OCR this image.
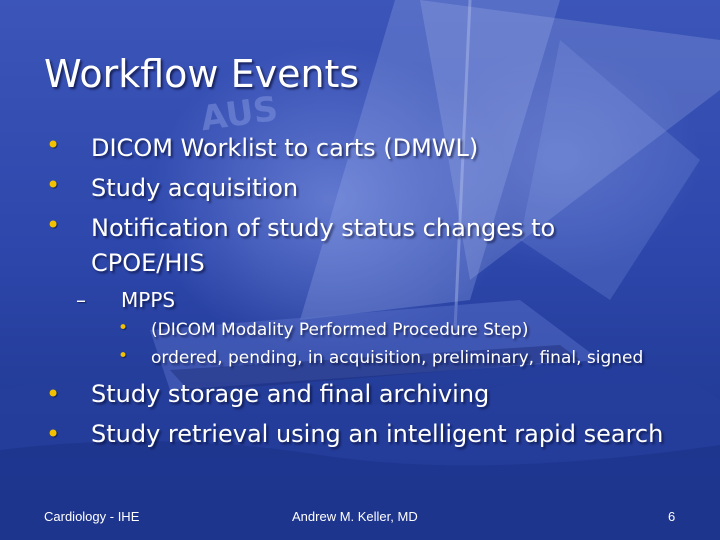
AUS
Workflow Events
• DICOM Worklist to carts (DMWL)
• Study acquisition
• Notification of study status changes to
CPOE/HIS
– MPPS
• (DICOM Modality Performed Procedure Step)
• ordered, pending, in acquisition, preliminary, final, signed
• Study storage and final archiving
• Study retrieval using an intelligent rapid search
Cardiology - IHE	Andrew M. Keller, MD	6
